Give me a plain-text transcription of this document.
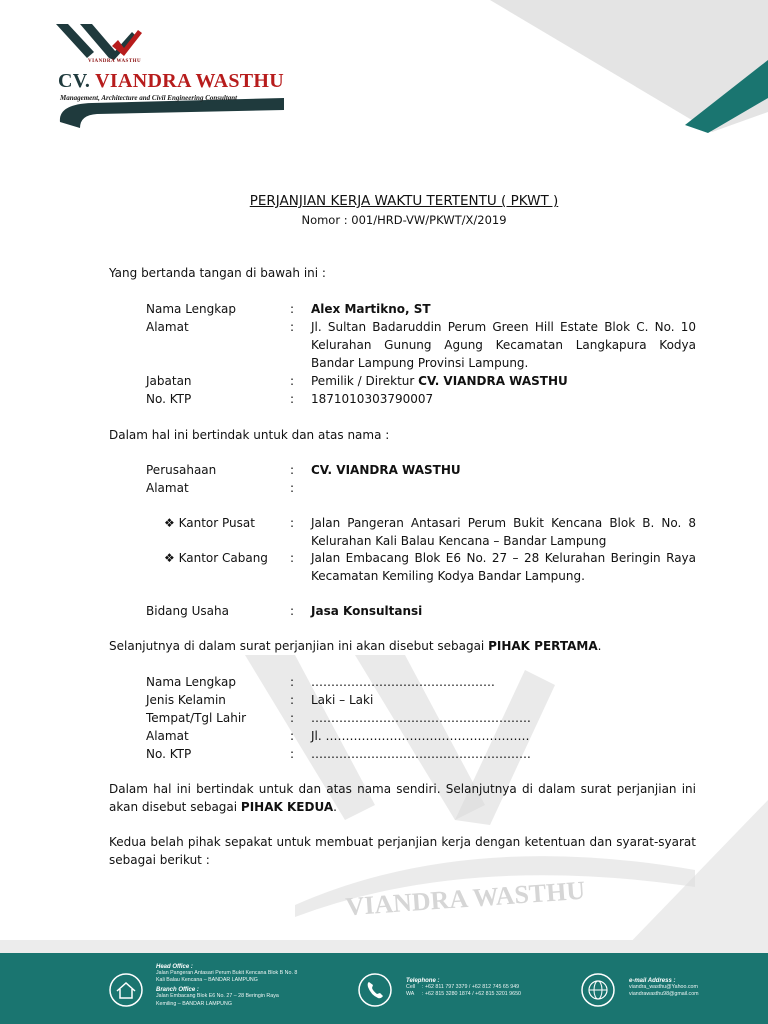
VIANDRA WASTHU
VIANDRA WASTHU
CV. VIANDRA WASTHU
Management, Architecture and Civil Engineering Consultant
PERJANJIAN KERJA WAKTU TERTENTU ( PKWT )
Nomor : 001/HRD-VW/PKWT/X/2019
Yang bertanda tangan di bawah ini :
Nama Lengkap	: Alex Martikno, ST
Alamat	: Jl. Sultan Badaruddin Perum Green Hill Estate Blok C. No. 10 Kelurahan Gunung Agung Kecamatan Langkapura Kodya Bandar Lampung Provinsi Lampung.
Jabatan	: Pemilik / Direktur CV. VIANDRA WASTHU
No. KTP	: 1871010303790007
Dalam hal ini bertindak untuk dan atas nama :
Perusahaan	: CV. VIANDRA WASTHU
Alamat	:
❖ Kantor Pusat	: Jalan Pangeran Antasari Perum Bukit Kencana Blok B. No. 8 Kelurahan Kali Balau Kencana – Bandar Lampung
❖ Kantor Cabang : Jalan Embacang Blok E6 No. 27 – 28 Kelurahan Beringin Raya Kecamatan Kemiling Kodya Bandar Lampung.
Bidang Usaha	: Jasa Konsultansi
Selanjutnya di dalam surat perjanjian ini akan disebut sebagai PIHAK PERTAMA.
Nama Lengkap	: ……………………………………….
Jenis Kelamin	: Laki – Laki
Tempat/Tgl Lahir	: ……………………………………………….
Alamat	: Jl. ……………………………………………
No. KTP	: ……………………………………………….
Dalam hal ini bertindak untuk dan atas nama sendiri. Selanjutnya di dalam surat perjanjian ini akan disebut sebagai PIHAK KEDUA.
Kedua belah pihak sepakat untuk membuat perjanjian kerja dengan ketentuan dan syarat-syarat sebagai berikut :
Head Office :
Jalan Pangeran Antasari Perum Bukit Kencana Blok B No. 8
Kali Balau Kencana – BANDAR LAMPUNG
Branch Office :
Jalan Embacang Blok E6 No. 27 – 28 Beringin Raya
Kemiling – BANDAR LAMPUNG
Telephone :
Cell : +62 811 797 3379 / +62 812 745 65 949
WA : +62 815 3280 1874 / +62 815 3201 9650
e-mail Address :
viandra_wasthu@Yahoo.com
viandrawasthu98@gmail.com
